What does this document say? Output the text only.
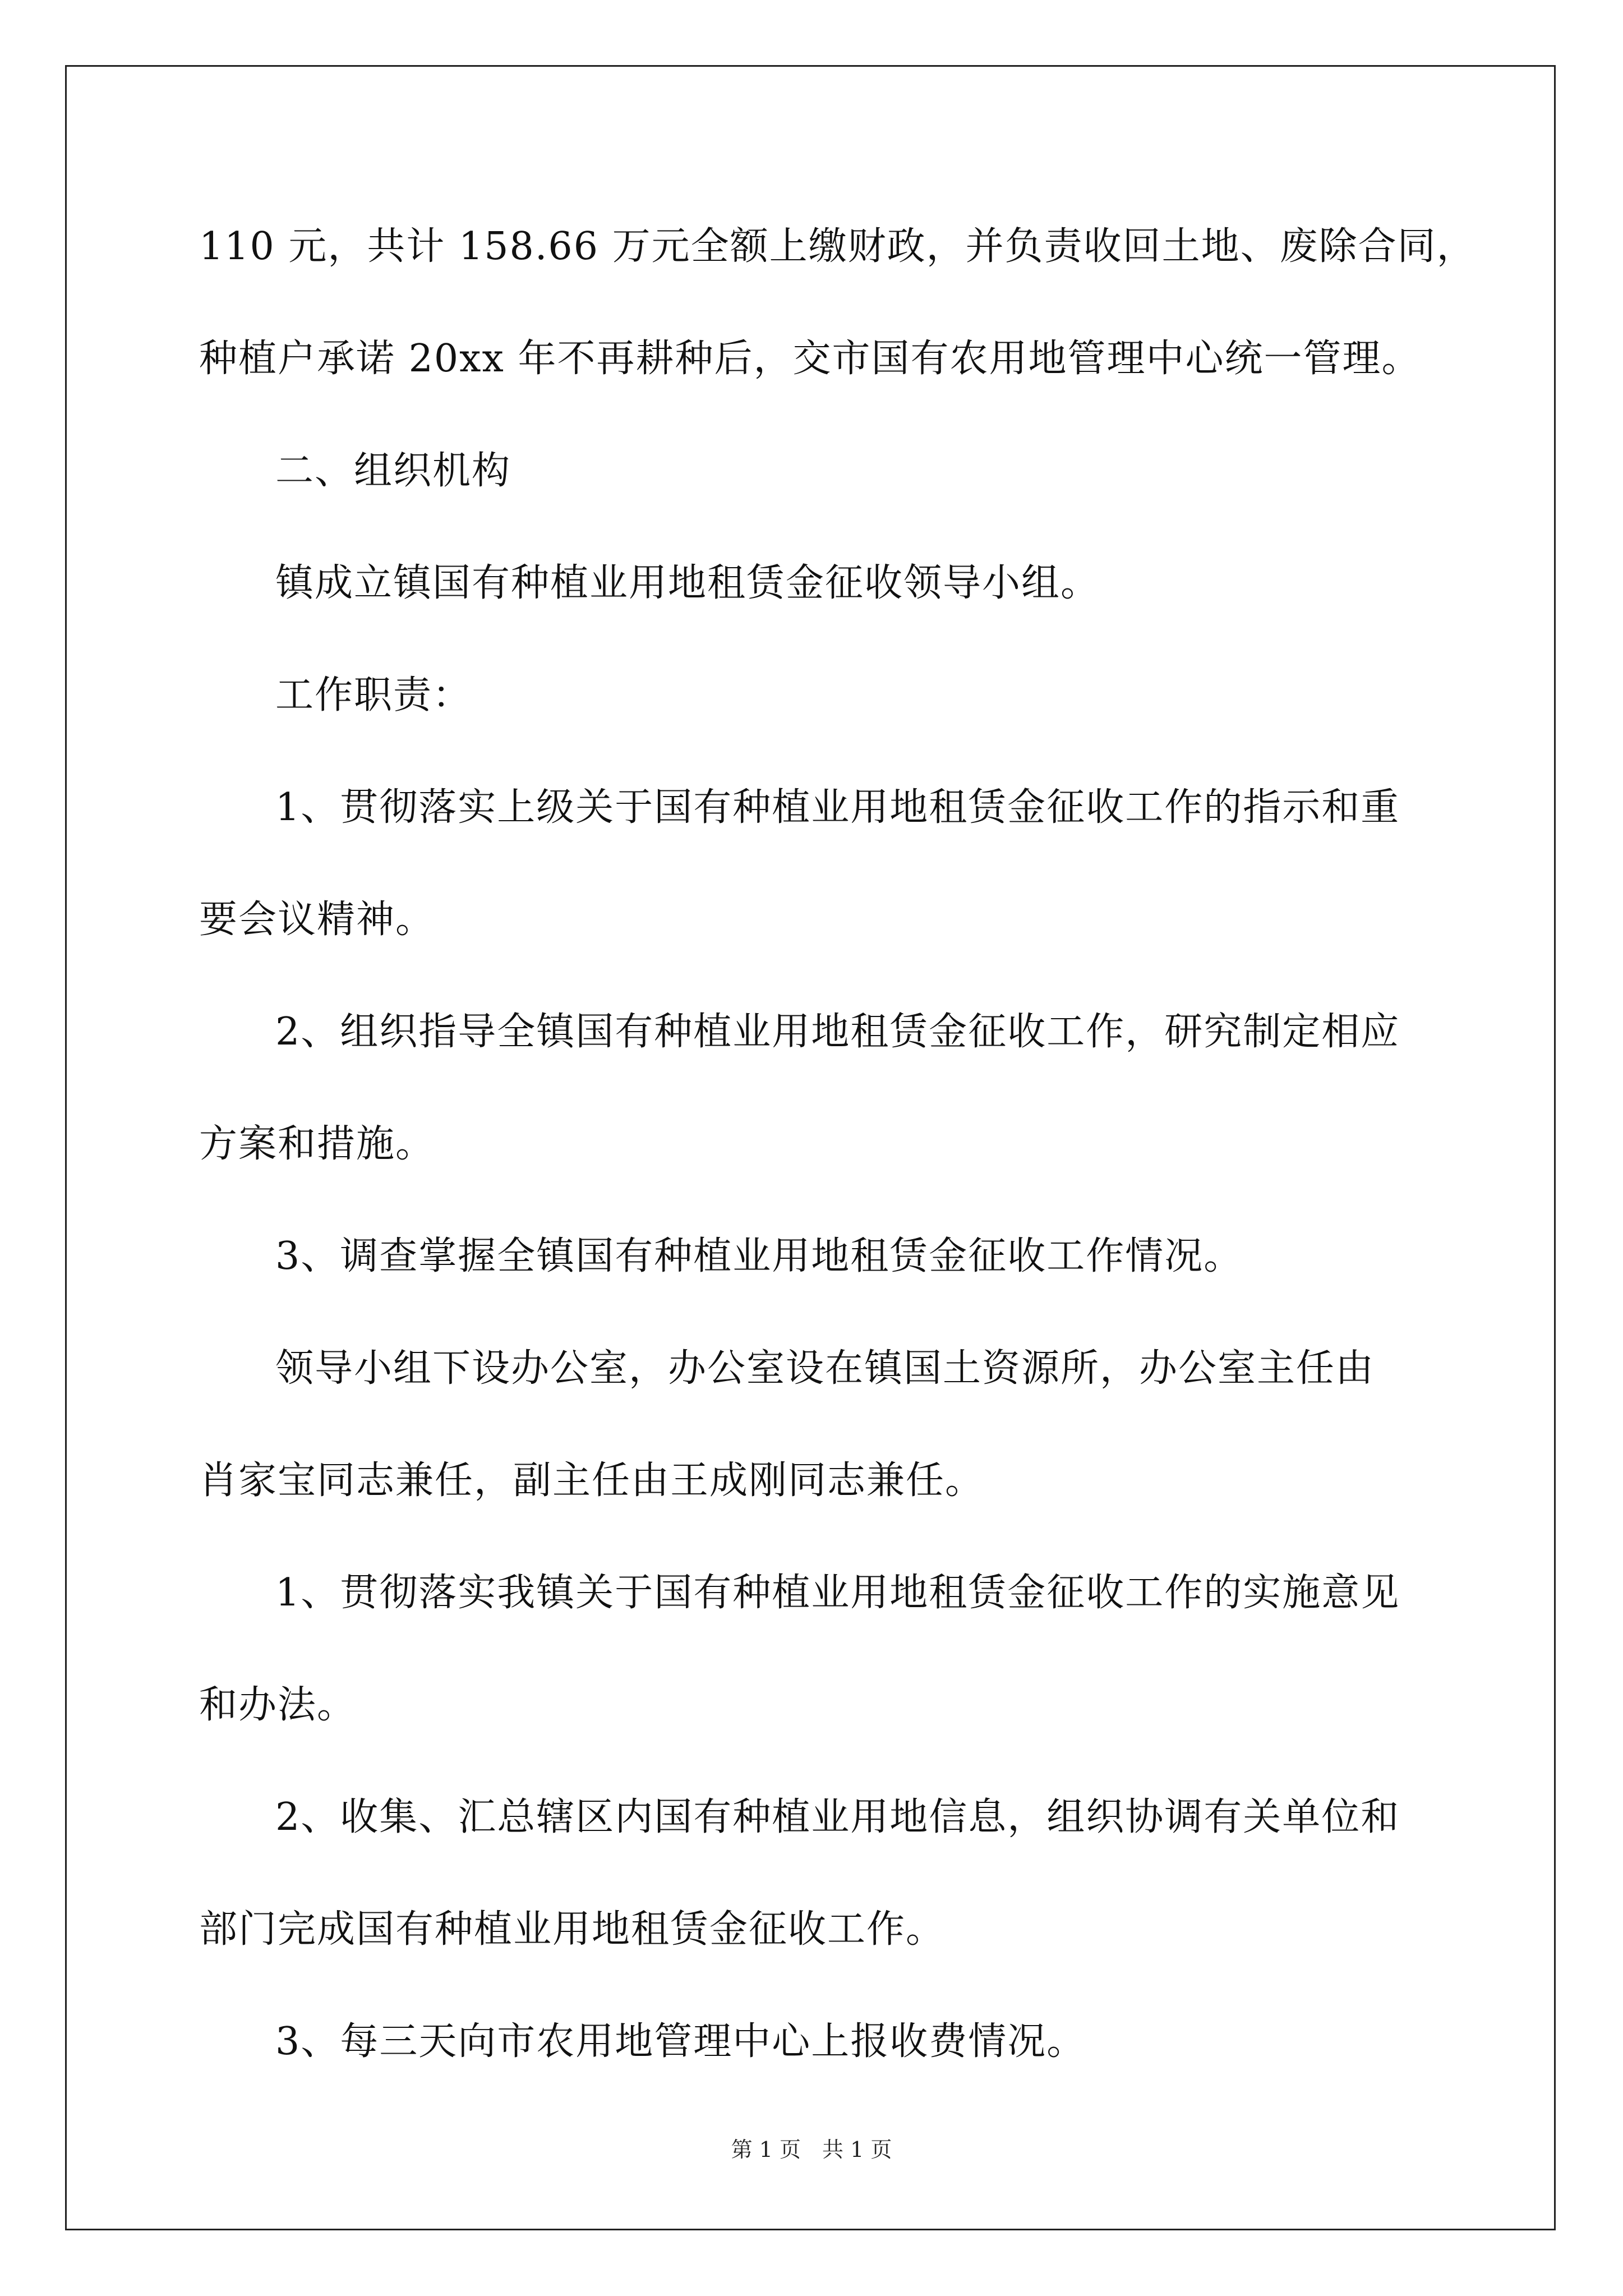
110 元，共计 158.66 万元全额上缴财政，并负责收回土地、废除合同，
种植户承诺 20xx 年不再耕种后，交市国有农用地管理中心统一管理。
二、组织机构
镇成立镇国有种植业用地租赁金征收领导小组。
工作职责：
1、贯彻落实上级关于国有种植业用地租赁金征收工作的指示和重
要会议精神。
2、组织指导全镇国有种植业用地租赁金征收工作，研究制定相应
方案和措施。
3、调查掌握全镇国有种植业用地租赁金征收工作情况。
领导小组下设办公室，办公室设在镇国土资源所，办公室主任由
肖家宝同志兼任，副主任由王成刚同志兼任。
1、贯彻落实我镇关于国有种植业用地租赁金征收工作的实施意见
和办法。
2、收集、汇总辖区内国有种植业用地信息，组织协调有关单位和
部门完成国有种植业用地租赁金征收工作。
3、每三天向市农用地管理中心上报收费情况。
第 1 页　共 1 页
